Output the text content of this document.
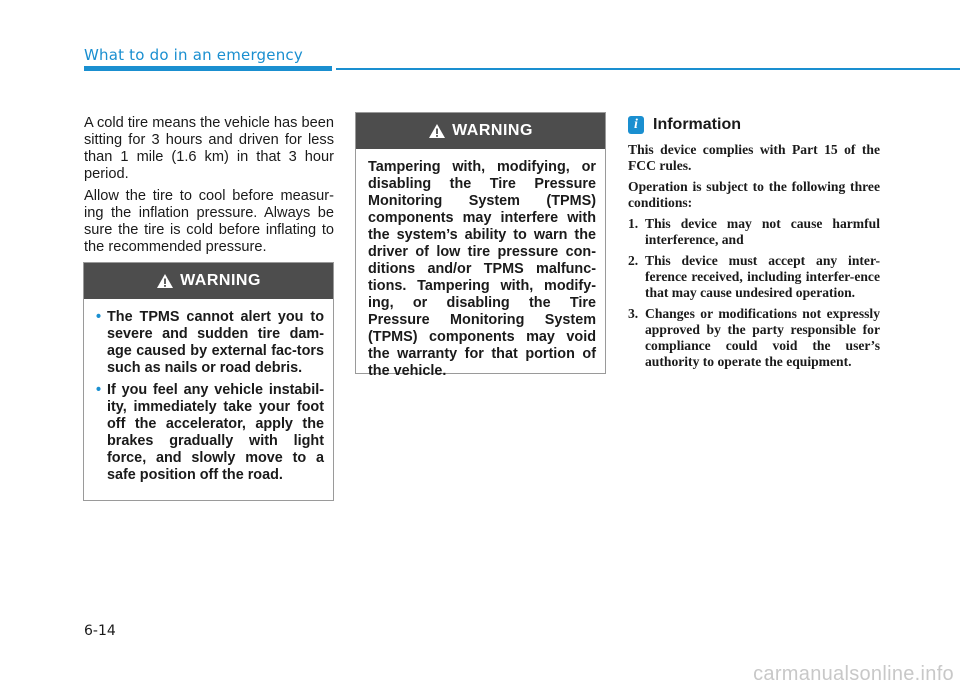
What to do in an emergency

A cold tire means the vehicle has been sitting for 3 hours and driven for less than 1 mile (1.6 km) in that 3 hour period.

Allow the tire to cool before measur-ing the inflation pressure. Always be sure the tire is cold before inflating to the recommended pressure.

WARNING
• The TPMS cannot alert you to severe and sudden tire dam-age caused by external fac-tors such as nails or road debris.
• If you feel any vehicle instabil-ity, immediately take your foot off the accelerator, apply the brakes gradually with light force, and slowly move to a safe position off the road.
WARNING

Tampering with, modifying, or disabling the Tire Pressure Monitoring System (TPMS) components may interfere with the system’s ability to warn the driver of low tire pressure con-ditions and/or TPMS malfunc-tions. Tampering with, modify-ing, or disabling the Tire Pressure Monitoring System (TPMS) components may void the warranty for that portion of the vehicle.

i Information

This device complies with Part 15 of the FCC rules.

Operation is subject to the following three conditions:

1. This device may not cause harmful interference, and
2. This device must accept any inter-ference received, including interfer-ence that may cause undesired operation.
3. Changes or modifications not expressly approved by the party responsible for compliance could void the user’s authority to operate the equipment.
6-14
carmanualsonline.info
